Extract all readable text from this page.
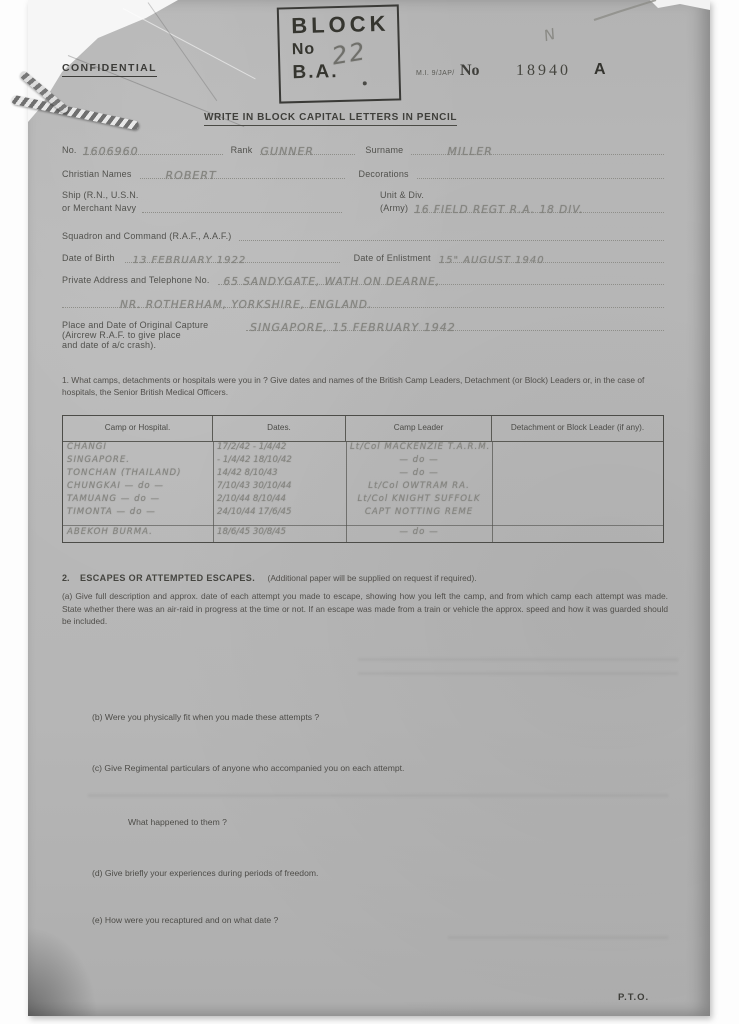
CONFIDENTIAL
BLOCK
No
B.A.
22
M.I. 9/JAP/ No 18940 A
N
WRITE IN BLOCK CAPITAL LETTERS IN PENCIL
No. 1606960	Rank GUNNER	Surname	MILLER
Christian Names	ROBERT	Decorations
Ship (R.N., U.S.N.
or Merchant Navy
Unit & Div.
(Army) 16 FIELD REGT R.A. 18 DIV.
Squadron and Command (R.A.F., A.A.F.)
Date of Birth	13 FEBRUARY 1922	Date of Enlistment 15" AUGUST 1940
Private Address and Telephone No.	65 SANDYGATE, WATH ON DEARNE,
NR. ROTHERHAM, YORKSHIRE, ENGLAND.
Place and Date of Original Capture
(Aircrew R.A.F. to give place
and date of a/c crash).
SINGAPORE, 15 FEBRUARY 1942
1. What camps, detachments or hospitals were you in ? Give dates and names of the British Camp Leaders, Detachment (or Block) Leaders or, in the case of hospitals, the Senior British Medical Officers.
Camp or Hospital.	Dates.	Camp Leader	Detachment or Block Leader (if any).
CHANGI	17/2/42 - 1/4/42	Lt/Col MACKENZIE T.A.R.M.
SINGAPORE.	- 1/4/42 18/10/42	— do —
TONCHAN (THAILAND)	14/42 8/10/43	— do —
CHUNGKAI — do —	7/10/43 30/10/44	Lt/Col OWTRAM RA.
TAMUANG — do —	2/10/44 8/10/44	Lt/Col KNIGHT SUFFOLK
TIMONTA — do —	24/10/44 17/6/45	CAPT NOTTING REME
ABEKOH BURMA.	18/6/45 30/8/45	— do —
2. ESCAPES OR ATTEMPTED ESCAPES. (Additional paper will be supplied on request if required).
(a) Give full description and approx. date of each attempt you made to escape, showing how you left the camp, and from which camp each attempt was made. State whether there was an air-raid in progress at the time or not. If an escape was made from a train or vehicle the approx. speed and how it was guarded should be included.
(b) Were you physically fit when you made these attempts ?
(c) Give Regimental particulars of anyone who accompanied you on each attempt.
What happened to them ?
(d) Give briefly your experiences during periods of freedom.
(e) How were you recaptured and on what date ?
P.T.O.
